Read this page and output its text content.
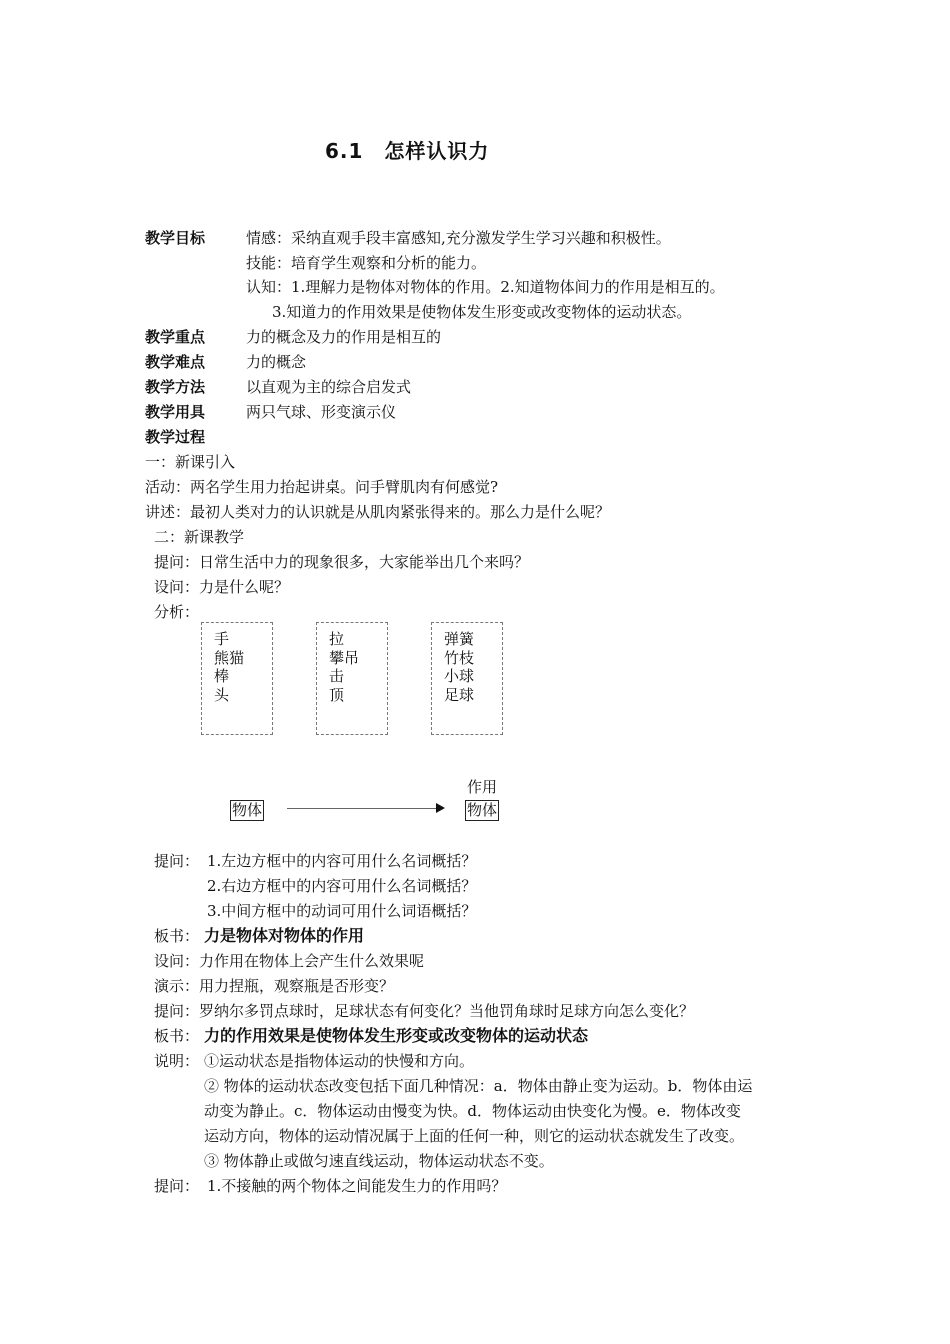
6.1　怎样认识力
教学目标	情感：采纳直观手段丰富感知,充分激发学生学习兴趣和积极性。
技能：培育学生观察和分析的能力。
认知：1.理解力是物体对物体的作用。2.知道物体间力的作用是相互的。
3.知道力的作用效果是使物体发生形变或改变物体的运动状态。
教学重点	力的概念及力的作用是相互的
教学难点	力的概念
教学方法	以直观为主的综合启发式
教学用具	两只气球、形变演示仪
教学过程
一：新课引入
活动：两名学生用力抬起讲桌。问手臂肌肉有何感觉?
讲述：最初人类对力的认识就是从肌肉紧张得来的。那么力是什么呢？
二：新课教学
提问：日常生活中力的现象很多，大家能举出几个来吗？
设问：力是什么呢？
分析：
手
熊猫
棒
头
拉
攀吊
击
顶
弹簧
竹枝
小球
足球
作用
物体	物体
提问： 1.左边方框中的内容可用什么名词概括？
2.右边方框中的内容可用什么名词概括？
3.中间方框中的动词可用什么词语概括？
板书： 力是物体对物体的作用
设问：力作用在物体上会产生什么效果呢
演示：用力捏瓶，观察瓶是否形变？
提问：罗纳尔多罚点球时，足球状态有何变化？当他罚角球时足球方向怎么变化？
板书： 力的作用效果是使物体发生形变或改变物体的运动状态
说明： ①运动状态是指物体运动的快慢和方向。
② 物体的运动状态改变包括下面几种情况：a．物体由静止变为运动。b．物体由运
动变为静止。c．物体运动由慢变为快。d．物体运动由快变化为慢。e．物体改变
运动方向，物体的运动情况属于上面的任何一种，则它的运动状态就发生了改变。
③ 物体静止或做匀速直线运动，物体运动状态不变。
提问： 1.不接触的两个物体之间能发生力的作用吗？
